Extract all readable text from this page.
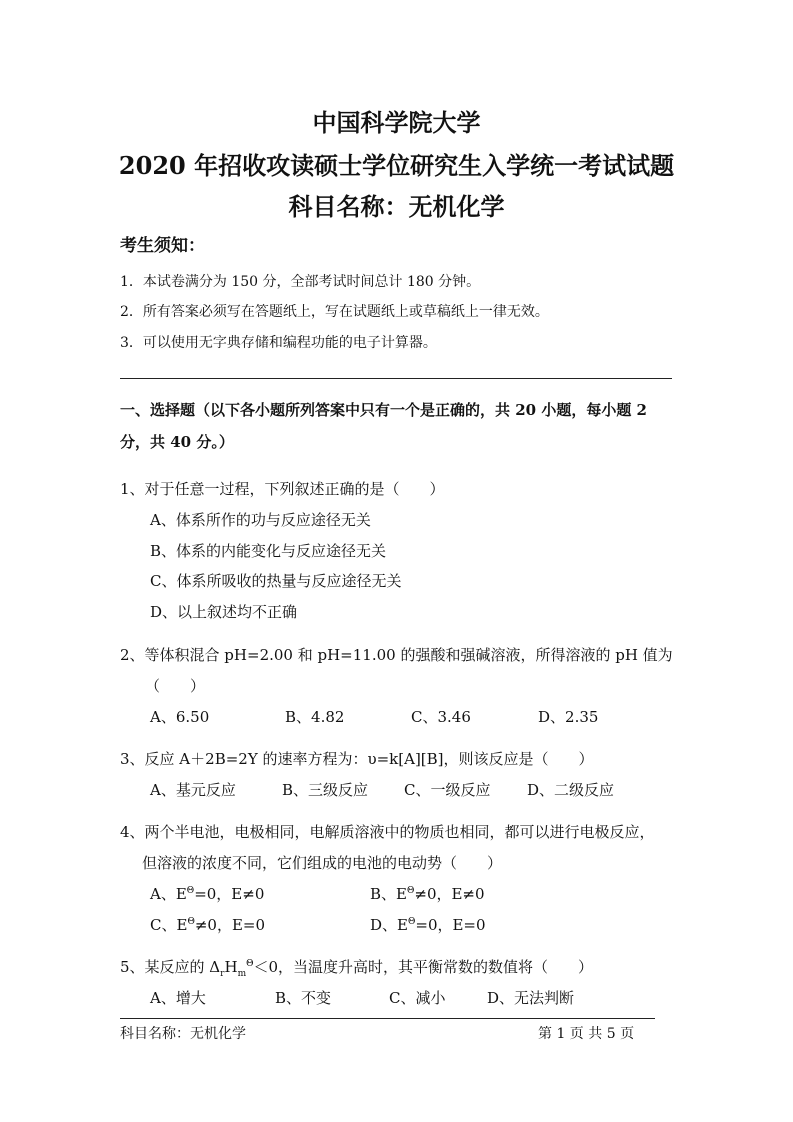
中国科学院大学
2020 年招收攻读硕士学位研究生入学统一考试试题
科目名称：无机化学
考生须知：
1．本试卷满分为 150 分，全部考试时间总计 180 分钟。
2．所有答案必须写在答题纸上，写在试题纸上或草稿纸上一律无效。
3．可以使用无字典存储和编程功能的电子计算器。
一、选择题（以下各小题所列答案中只有一个是正确的，共 20 小题，每小题 2
分，共 40 分。）
1、对于任意一过程，下列叙述正确的是（　　）
A、体系所作的功与反应途径无关
B、体系的内能变化与反应途径无关
C、体系所吸收的热量与反应途径无关
D、以上叙述均不正确
2、等体积混合 pH=2.00 和 pH=11.00 的强酸和强碱溶液，所得溶液的 pH 值为
（　　）
A、6.50	B、4.82	C、3.46	D、2.35
3、反应 A＋2B=2Y 的速率方程为：υ=k[A][B]，则该反应是（　　）
A、基元反应	B、三级反应 C、一级反应 D、二级反应
4、两个半电池，电极相同，电解质溶液中的物质也相同，都可以进行电极反应，
但溶液的浓度不同，它们组成的电池的电动势（　　）
A、$E^\Theta=0$，E≠0	B、$E^\Theta\ne 0$，E≠0
C、$E^\Theta\ne 0$，E=0	D、$E^\Theta=0$，E=0
5、某反应的 $\Delta_rH_m^\Theta<0$，当温度升高时，其平衡常数的数值将（　　）
A、增大	B、不变	C、减小	D、无法判断
科目名称：无机化学	第 1 页 共 5 页
